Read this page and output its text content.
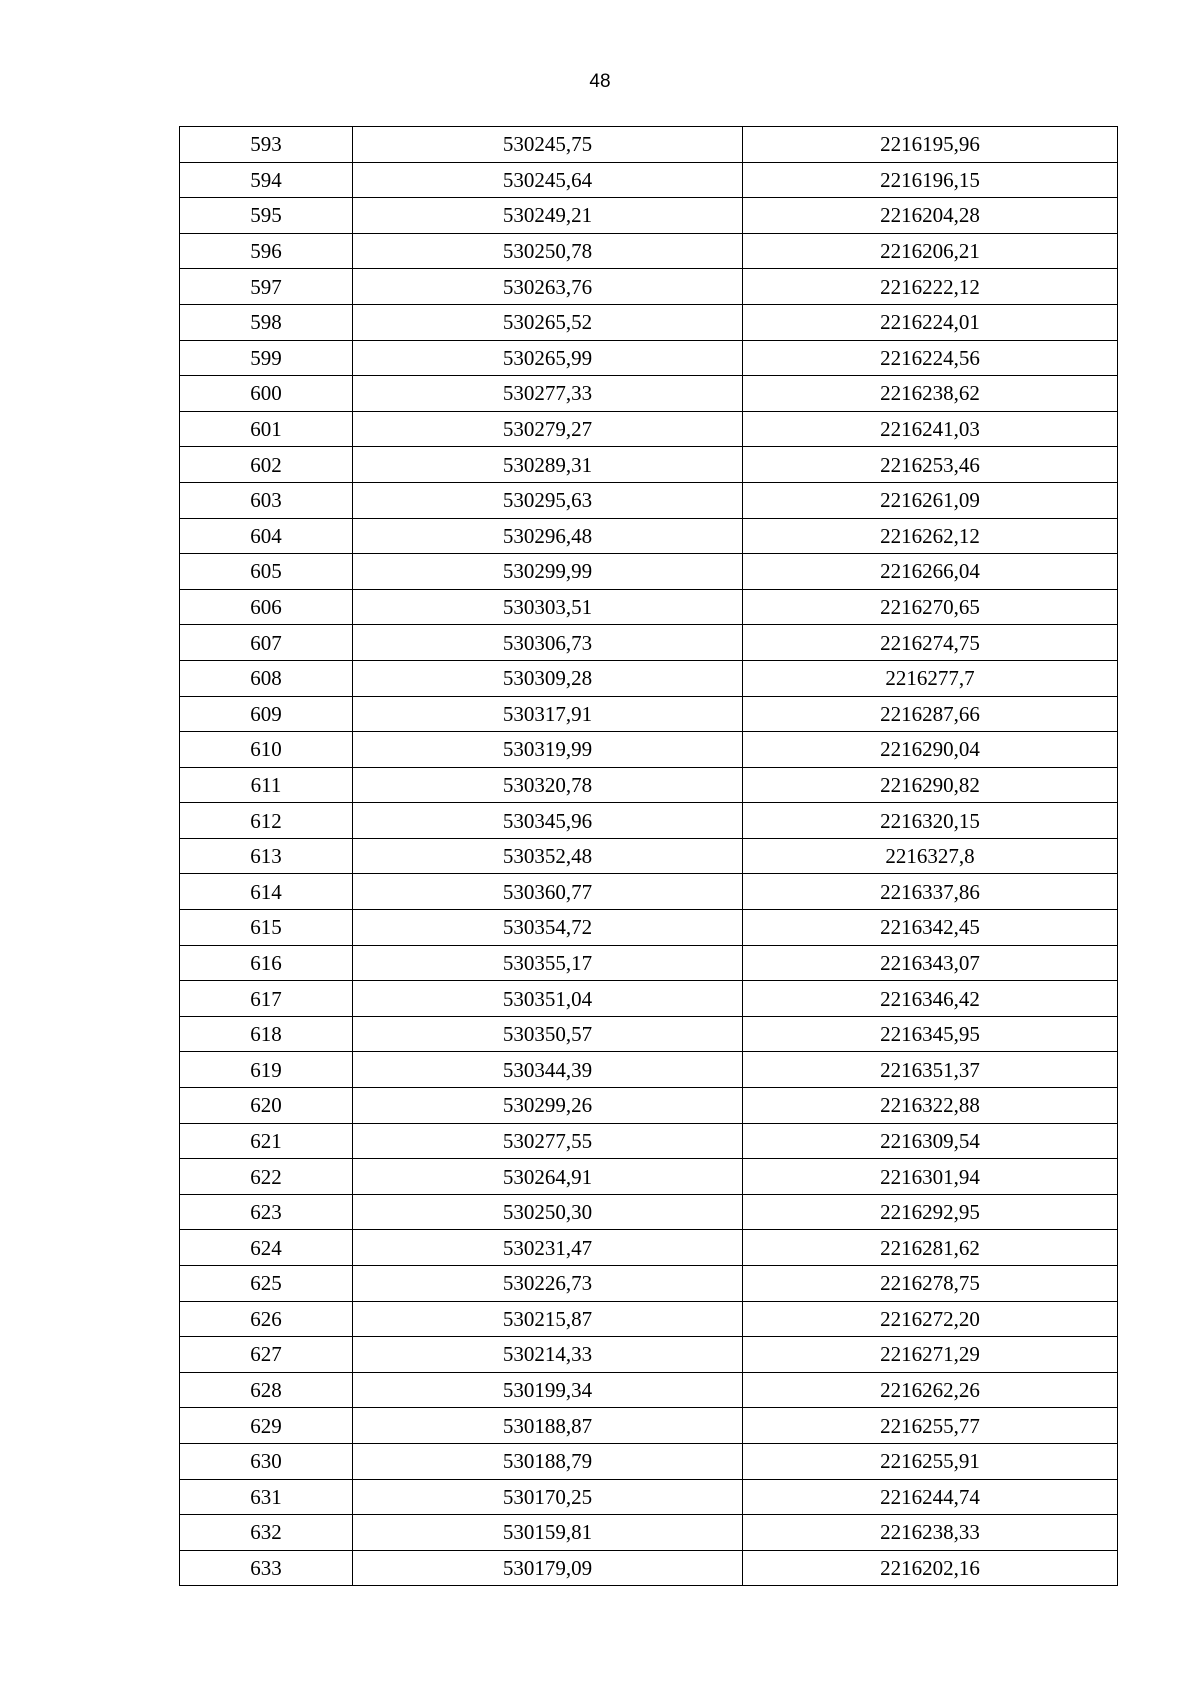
48
593	530245,75	2216195,96
594	530245,64	2216196,15
595	530249,21	2216204,28
596	530250,78	2216206,21
597	530263,76	2216222,12
598	530265,52	2216224,01
599	530265,99	2216224,56
600	530277,33	2216238,62
601	530279,27	2216241,03
602	530289,31	2216253,46
603	530295,63	2216261,09
604	530296,48	2216262,12
605	530299,99	2216266,04
606	530303,51	2216270,65
607	530306,73	2216274,75
608	530309,28	2216277,7
609	530317,91	2216287,66
610	530319,99	2216290,04
611	530320,78	2216290,82
612	530345,96	2216320,15
613	530352,48	2216327,8
614	530360,77	2216337,86
615	530354,72	2216342,45
616	530355,17	2216343,07
617	530351,04	2216346,42
618	530350,57	2216345,95
619	530344,39	2216351,37
620	530299,26	2216322,88
621	530277,55	2216309,54
622	530264,91	2216301,94
623	530250,30	2216292,95
624	530231,47	2216281,62
625	530226,73	2216278,75
626	530215,87	2216272,20
627	530214,33	2216271,29
628	530199,34	2216262,26
629	530188,87	2216255,77
630	530188,79	2216255,91
631	530170,25	2216244,74
632	530159,81	2216238,33
633	530179,09	2216202,16
